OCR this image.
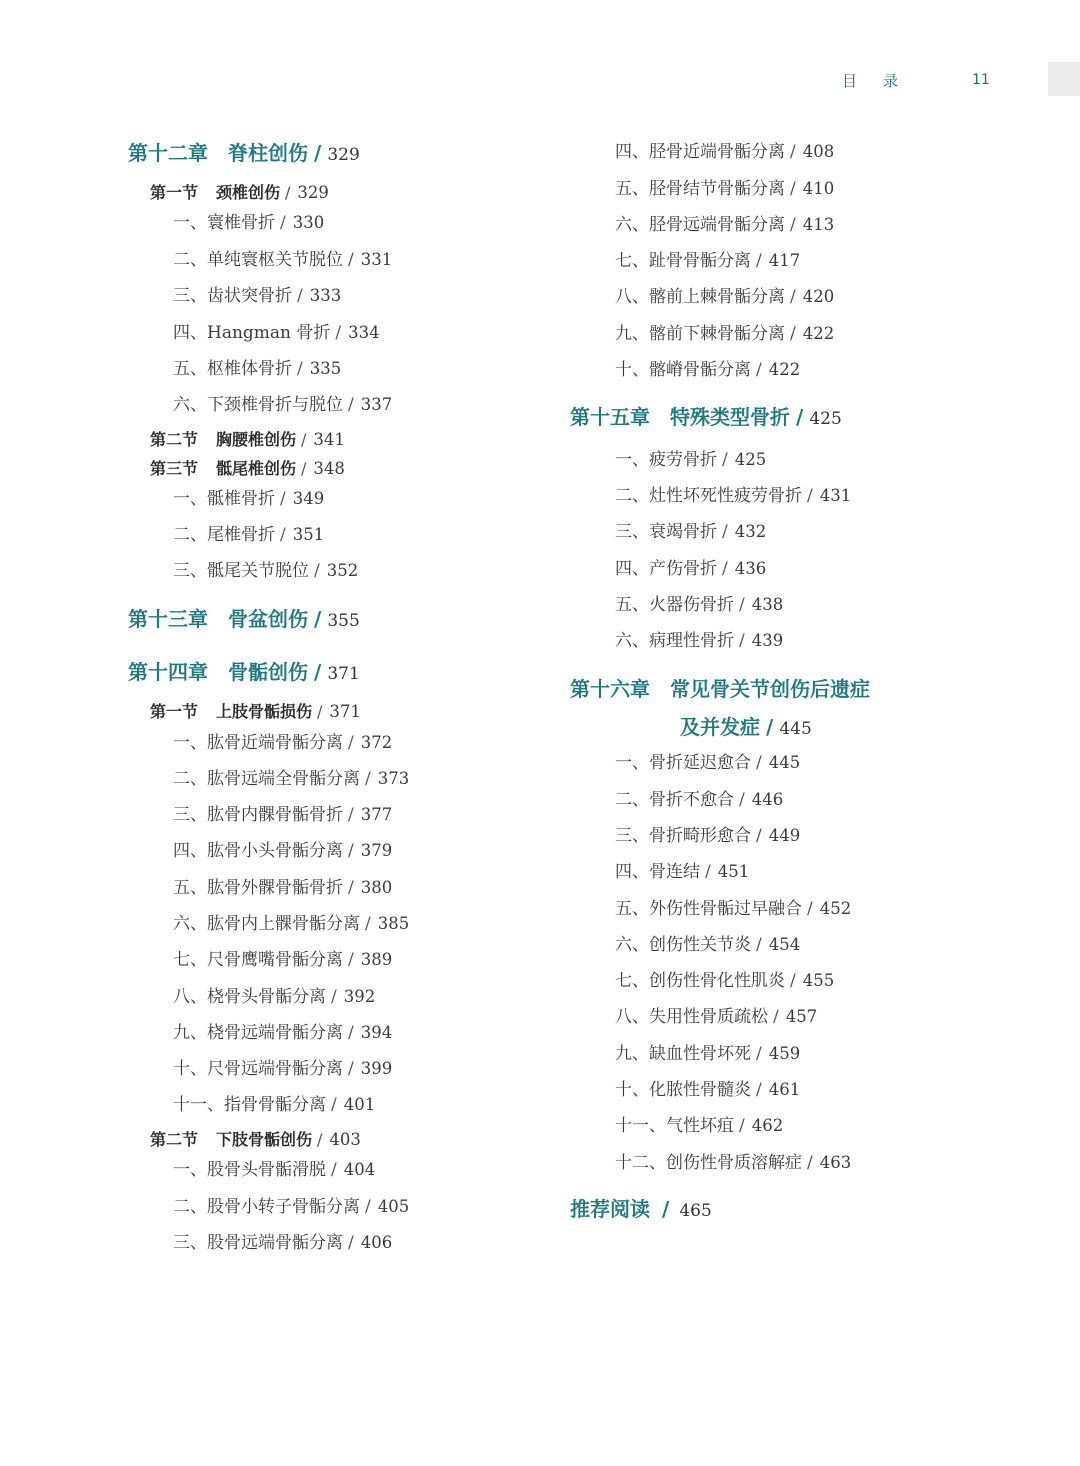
目录	11
第十二章 脊柱创伤 / 329
第一节 颈椎创伤 / 329
一、寰椎骨折 / 330
二、单纯寰枢关节脱位 / 331
三、齿状突骨折 / 333
四、Hangman 骨折 / 334
五、枢椎体骨折 / 335
六、下颈椎骨折与脱位 / 337
第二节 胸腰椎创伤 / 341
第三节 骶尾椎创伤 / 348
一、骶椎骨折 / 349
二、尾椎骨折 / 351
三、骶尾关节脱位 / 352
第十三章 骨盆创伤 / 355
第十四章 骨骺创伤 / 371
第一节 上肢骨骺损伤 / 371
一、肱骨近端骨骺分离 / 372
二、肱骨远端全骨骺分离 / 373
三、肱骨内髁骨骺骨折 / 377
四、肱骨小头骨骺分离 / 379
五、肱骨外髁骨骺骨折 / 380
六、肱骨内上髁骨骺分离 / 385
七、尺骨鹰嘴骨骺分离 / 389
八、桡骨头骨骺分离 / 392
九、桡骨远端骨骺分离 / 394
十、尺骨远端骨骺分离 / 399
十一、指骨骨骺分离 / 401
第二节 下肢骨骺创伤 / 403
一、股骨头骨骺滑脱 / 404
二、股骨小转子骨骺分离 / 405
三、股骨远端骨骺分离 / 406
四、胫骨近端骨骺分离 / 408
五、胫骨结节骨骺分离 / 410
六、胫骨远端骨骺分离 / 413
七、趾骨骨骺分离 / 417
八、髂前上棘骨骺分离 / 420
九、髂前下棘骨骺分离 / 422
十、髂嵴骨骺分离 / 422
第十五章 特殊类型骨折 / 425
一、疲劳骨折 / 425
二、灶性坏死性疲劳骨折 / 431
三、衰竭骨折 / 432
四、产伤骨折 / 436
五、火器伤骨折 / 438
六、病理性骨折 / 439
第十六章 常见骨关节创伤后遗症
及并发症 / 445
一、骨折延迟愈合 / 445
二、骨折不愈合 / 446
三、骨折畸形愈合 / 449
四、骨连结 / 451
五、外伤性骨骺过早融合 / 452
六、创伤性关节炎 / 454
七、创伤性骨化性肌炎 / 455
八、失用性骨质疏松 / 457
九、缺血性骨坏死 / 459
十、化脓性骨髓炎 / 461
十一、气性坏疽 / 462
十二、创伤性骨质溶解症 / 463
推荐阅读 / 465
